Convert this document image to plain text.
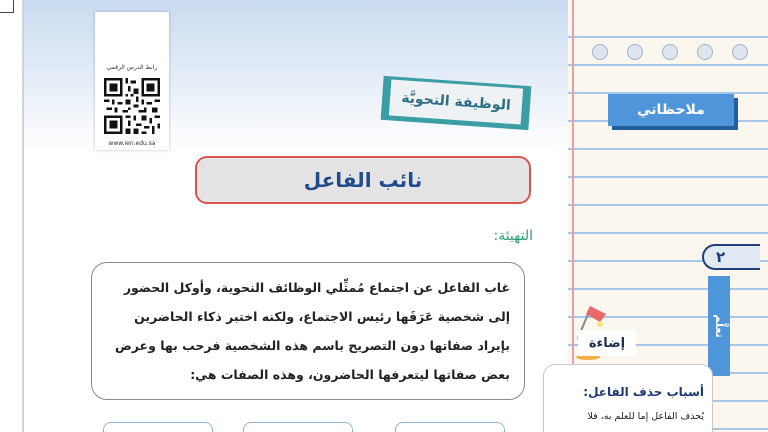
رابط الدرس الرقمي
www.ien.edu.sa
الوظيفة النحويَّة
نائب الفاعل
التهيئة:
غاب الفاعل عن اجتماع مُمثِّلي الوظائف النحوية، وأوكل الحضور
إلى شخصية عَرَفَها رئيس الاجتماع، ولكنه اختبر ذكاء الحاضرين
بإيراد صفاتها دون التصريح باسم هذه الشخصية فرحب بها وعرض
بعض صفاتها ليتعرفها الحاضرون، وهذه الصفات هي:
ملاحظاتي
٢
تعلَّم
إضاءة
أسباب حذف الفاعل:
يُحذف الفاعل إما للعلم به، فلا
